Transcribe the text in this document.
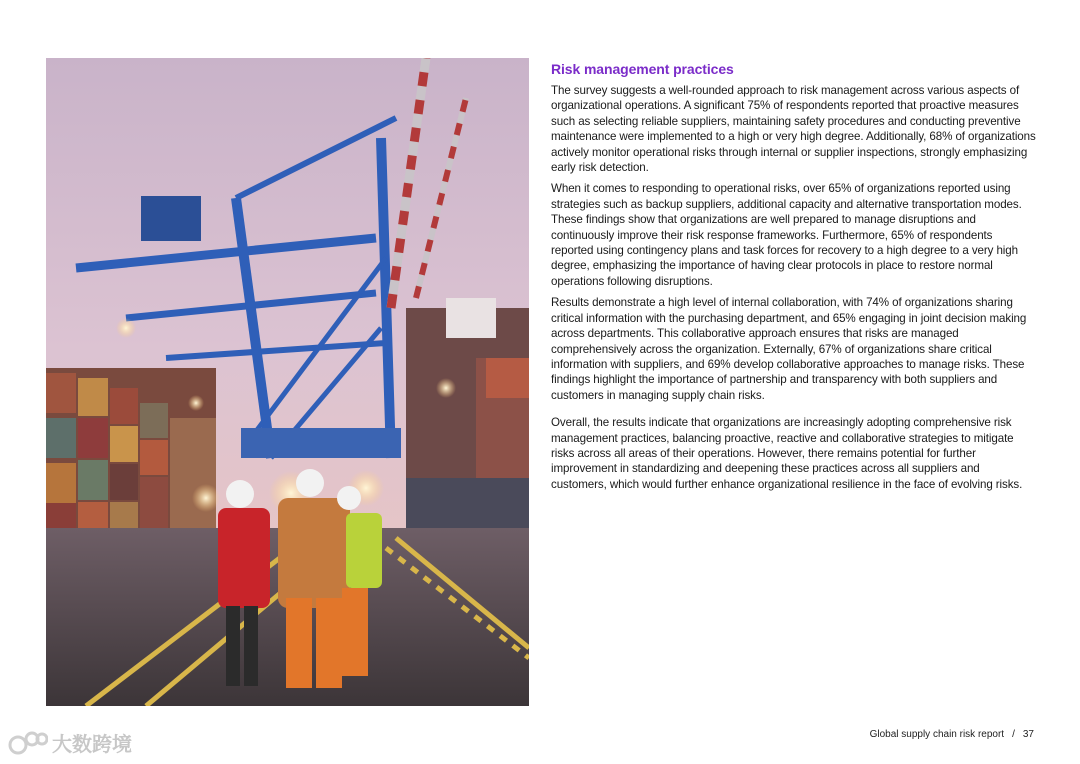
Risk management practices

The survey suggests a well-rounded approach to risk management across various aspects of organizational operations. A significant 75% of respondents reported that proactive measures such as selecting reliable suppliers, maintaining safety procedures and conducting preventive maintenance were implemented to a high or very high degree. Additionally, 68% of organizations actively monitor operational risks through internal or supplier inspections, strongly emphasizing early risk detection.

When it comes to responding to operational risks, over 65% of organizations reported using strategies such as backup suppliers, additional capacity and alternative transportation modes. These findings show that organizations are well prepared to manage disruptions and continuously improve their risk response frameworks. Furthermore, 65% of respondents reported using contingency plans and task forces for recovery to a high degree to a very high degree, emphasizing the importance of having clear protocols in place to restore normal operations following disruptions.

Results demonstrate a high level of internal collaboration, with 74% of organizations sharing critical information with the purchasing department, and 65% engaging in joint decision making across departments. This collaborative approach ensures that risks are managed comprehensively across the organization. Externally, 67% of organizations share critical information with suppliers, and 69% develop collaborative approaches to manage risks. These findings highlight the importance of partnership and transparency with both suppliers and customers in managing supply chain risks.

Overall, the results indicate that organizations are increasingly adopting comprehensive risk management practices, balancing proactive, reactive and collaborative strategies to mitigate risks across all areas of their operations. However, there remains potential for further improvement in standardizing and deepening these practices across all suppliers and customers, which would further enhance organizational resilience in the face of evolving risks.

Global supply chain risk report / 37
大数跨境
